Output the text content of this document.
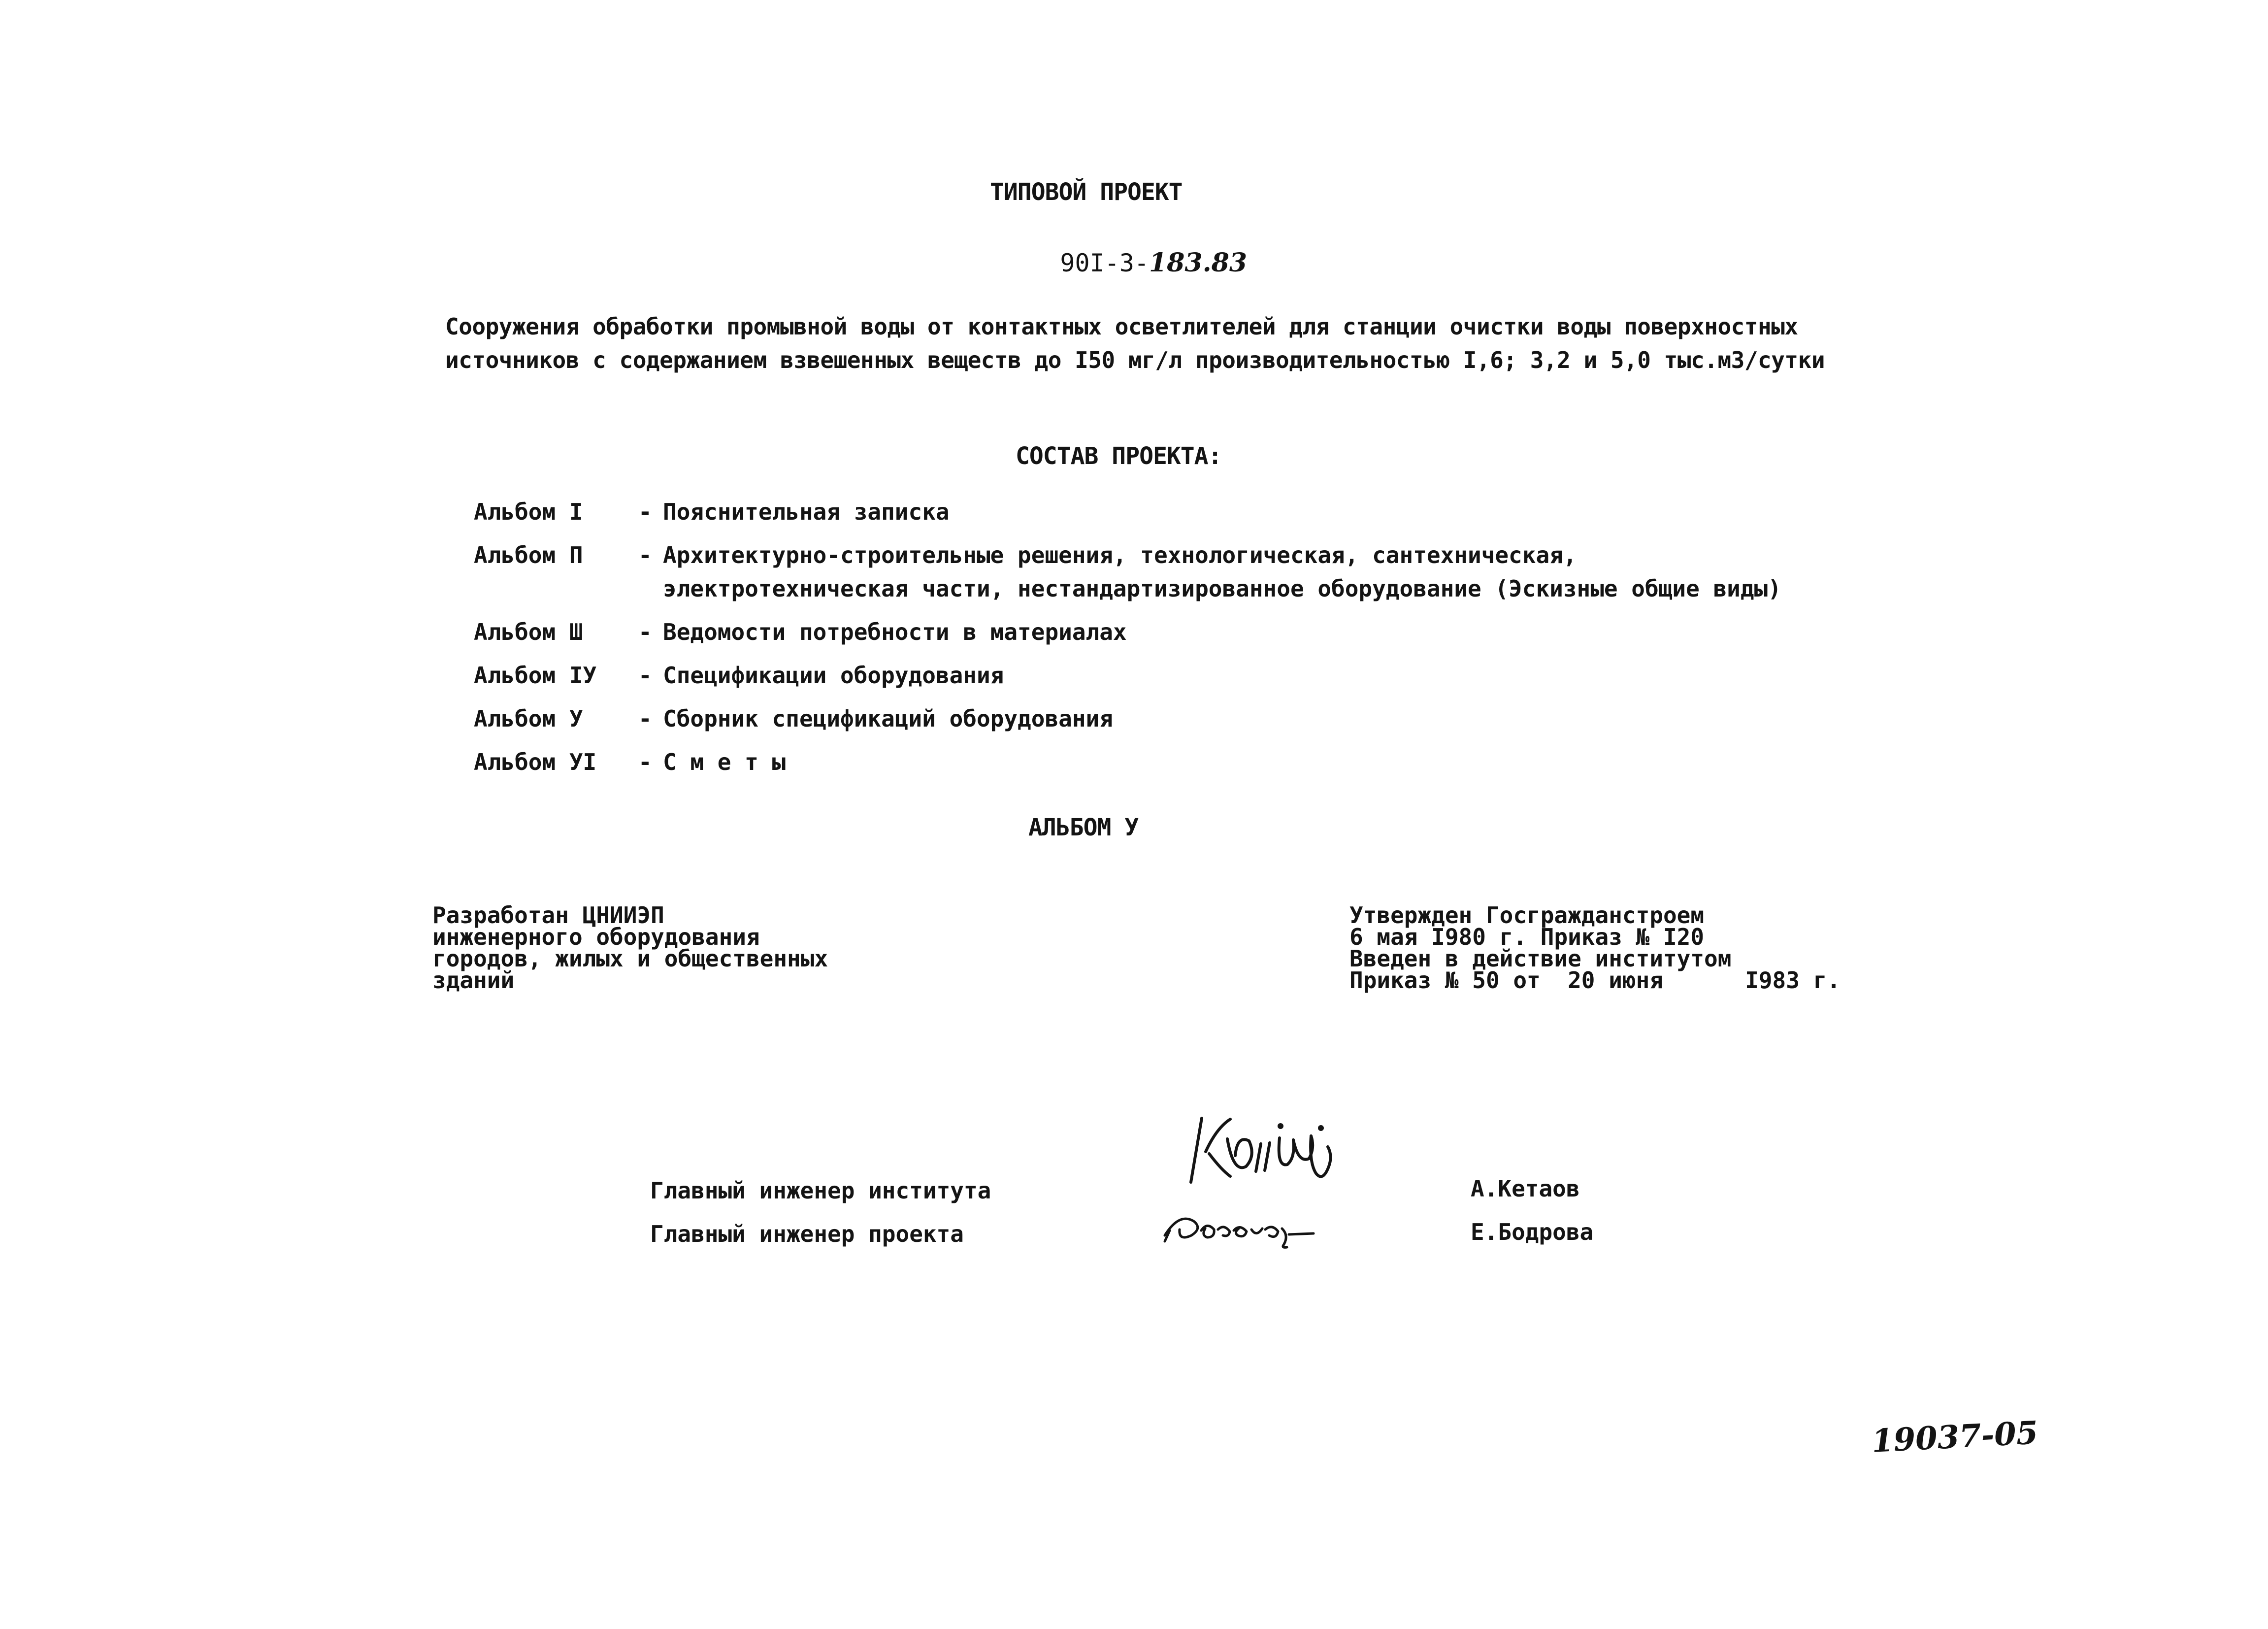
ТИПОВОЙ ПРОЕКТ

90I-3-183.83

Сооружения обработки промывной воды от контактных осветлителей для станции очистки воды поверхностных
источников с содержанием взвешенных веществ до I50 мг/л производительностью I,6; 3,2 и 5,0 тыс.м3/сутки
СОСТАВ ПРОЕКТА:

Альбом I

-

Пояснительная записка

Альбом П

-

Архитектурно-строительные решения, технологическая, сантехническая,

электротехническая части, нестандартизированное оборудование (Эскизные общие виды)

Альбом Ш

-

Ведомости потребности в материалах

Альбом IУ

-

Спецификации оборудования

Альбом У

-

Сборник спецификаций оборудования

Альбом УI

-

С м е т ы

АЛЬБОМ У
Разработан ЦНИИЭП
инженерного оборудования
городов, жилых и общественных
зданий
Утвержден Госгражданстроем
6 мая I980 г. Приказ № I20
Введен в действие институтом
Приказ № 50 от  20 июня      I983 г.
Главный инженер института	А.Кетаов
Главный инженер проекта	Е.Бодрова
19037-05
